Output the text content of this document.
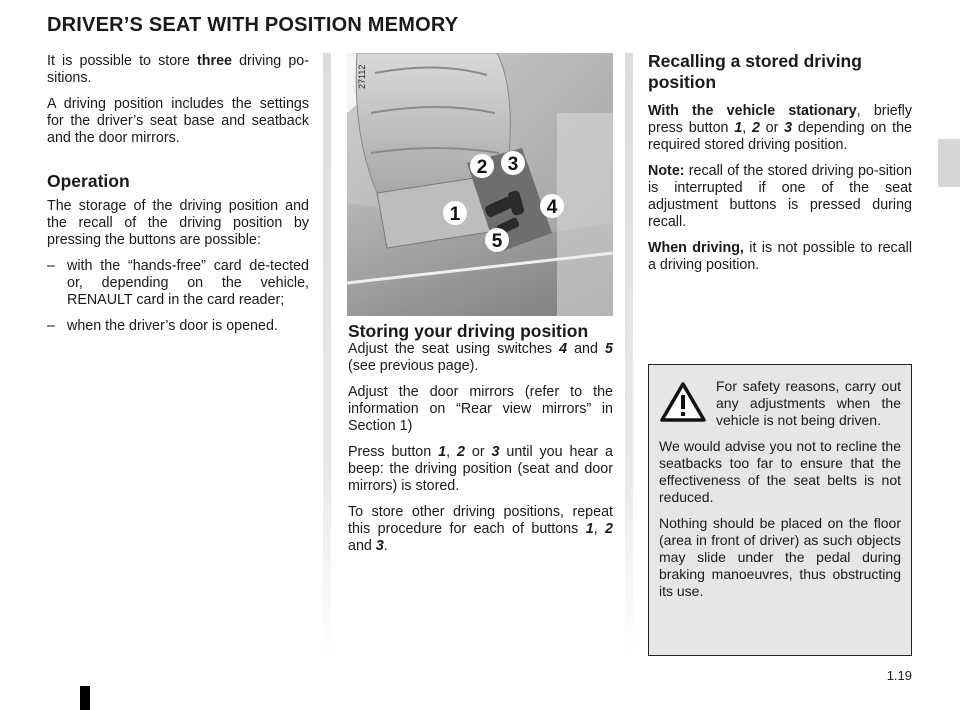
DRIVER’S SEAT WITH POSITION MEMORY

It is possible to store three driving po-sitions.

A driving position includes the settings for the driver’s seat base and seatback and the door mirrors.

Operation

The storage of the driving position and the recall of the driving position by pressing the buttons are possible:

– with the “hands-free” card de-tected or, depending on the vehicle, RENAULT card in the card reader;

– when the driver’s door is opened.

27112
2 3
1	4
5
Storing your driving position

Adjust the seat using switches 4 and 5 (see previous page).

Adjust the door mirrors (refer to the information on “Rear view mirrors” in Section 1)

Press button 1, 2 or 3 until you hear a beep: the driving position (seat and door mirrors) is stored.

To store other driving positions, repeat this procedure for each of buttons 1, 2 and 3.

Recalling a stored driving position

With the vehicle stationary, briefly press button 1, 2 or 3 depending on the required stored driving position.

Note: recall of the stored driving po-sition is interrupted if one of the seat adjustment buttons is pressed during recall.

When driving, it is not possible to recall a driving position.

For safety reasons, carry out any adjustments when the vehicle is not being driven.

We would advise you not to recline the seatbacks too far to ensure that the effectiveness of the seat belts is not reduced.

Nothing should be placed on the floor (area in front of driver) as such objects may slide under the pedal during braking manoeuvres, thus obstructing its use.

1.19
